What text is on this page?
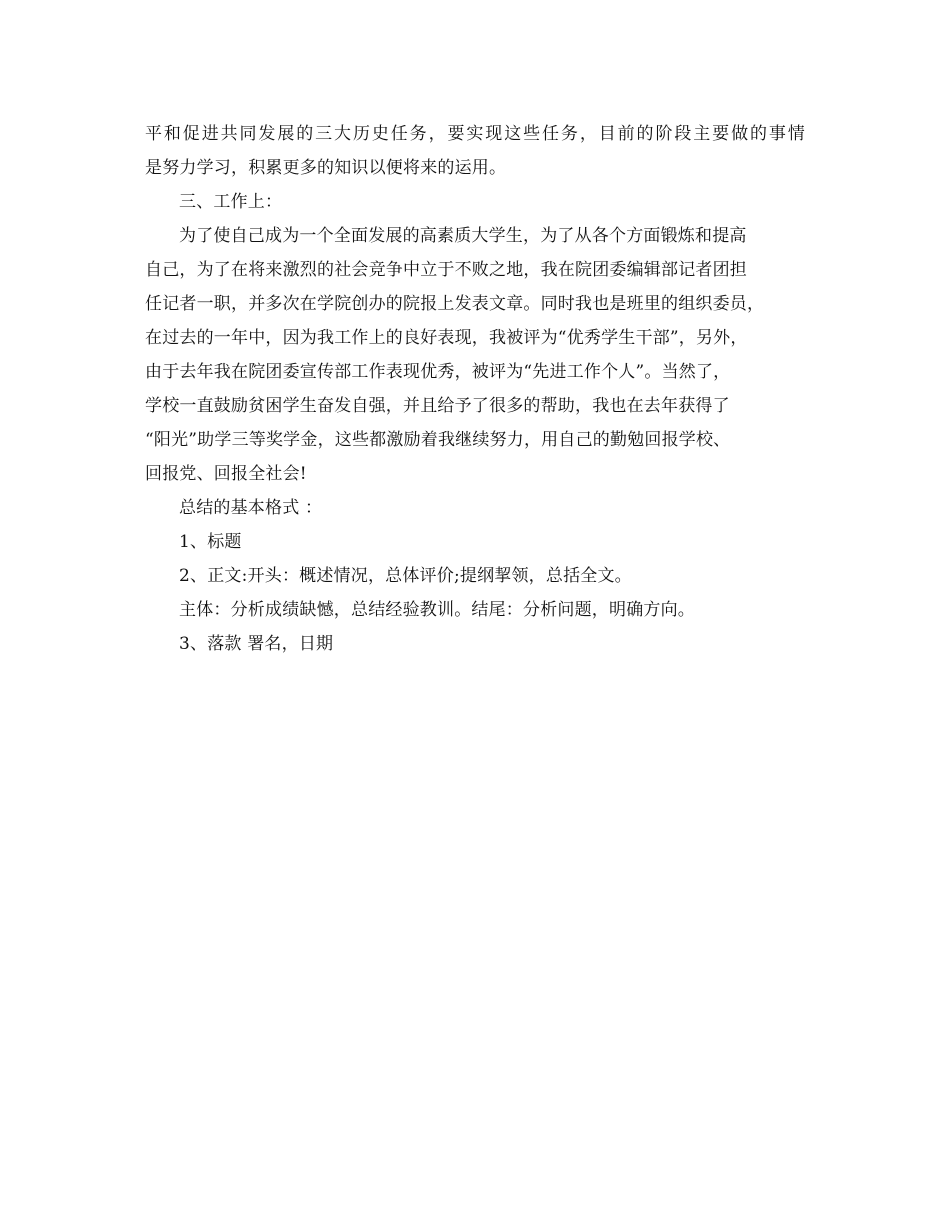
平和促进共同发展的三大历史任务，要实现这些任务，目前的阶段主要做的事情
是努力学习，积累更多的知识以便将来的运用。
三、工作上：
为了使自己成为一个全面发展的高素质大学生，为了从各个方面锻炼和提高
自己，为了在将来激烈的社会竞争中立于不败之地，我在院团委编辑部记者团担
任记者一职，并多次在学院创办的院报上发表文章。同时我也是班里的组织委员，
在过去的一年中，因为我工作上的良好表现，我被评为“优秀学生干部”，另外，
由于去年我在院团委宣传部工作表现优秀，被评为“先进工作个人”。当然了，
学校一直鼓励贫困学生奋发自强，并且给予了很多的帮助，我也在去年获得了
“阳光”助学三等奖学金，这些都激励着我继续努力，用自己的勤勉回报学校、
回报党、回报全社会!
总结的基本格式 ：
1、标题
2、正文:开头：概述情况，总体评价;提纲挈领，总括全文。
主体：分析成绩缺憾，总结经验教训。结尾：分析问题，明确方向。
3、落款 署名，日期
